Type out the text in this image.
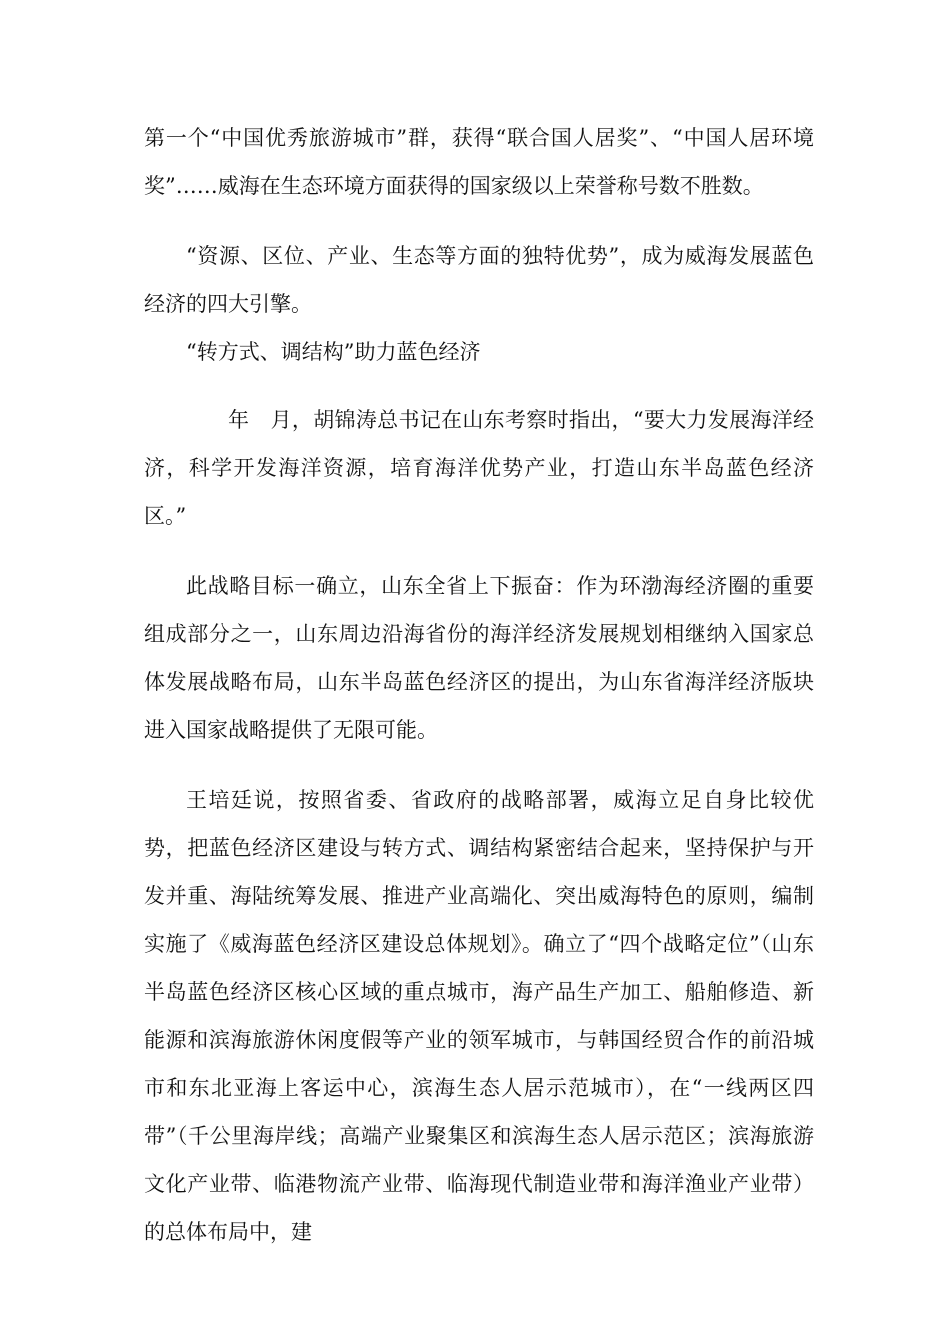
第一个“中国优秀旅游城市”群，获得“联合国人居奖”、“中国人居环境奖”……威海在生态环境方面获得的国家级以上荣誉称号数不胜数。

“资源、区位、产业、生态等方面的独特优势”，成为威海发展蓝色经济的四大引擎。

“转方式、调结构”助力蓝色经济

年　月，胡锦涛总书记在山东考察时指出，“要大力发展海洋经济，科学开发海洋资源，培育海洋优势产业，打造山东半岛蓝色经济区。”

此战略目标一确立，山东全省上下振奋：作为环渤海经济圈的重要组成部分之一，山东周边沿海省份的海洋经济发展规划相继纳入国家总体发展战略布局，山东半岛蓝色经济区的提出，为山东省海洋经济版块进入国家战略提供了无限可能。

王培廷说，按照省委、省政府的战略部署，威海立足自身比较优势，把蓝色经济区建设与转方式、调结构紧密结合起来，坚持保护与开发并重、海陆统筹发展、推进产业高端化、突出威海特色的原则，编制实施了《威海蓝色经济区建设总体规划》。确立了“四个战略定位”（山东半岛蓝色经济区核心区域的重点城市，海产品生产加工、船舶修造、新能源和滨海旅游休闲度假等产业的领军城市，与韩国经贸合作的前沿城市和东北亚海上客运中心，滨海生态人居示范城市），在“一线两区四带”（千公里海岸线；高端产业聚集区和滨海生态人居示范区；滨海旅游文化产业带、临港物流产业带、临海现代制造业带和海洋渔业产业带）的总体布局中，建
